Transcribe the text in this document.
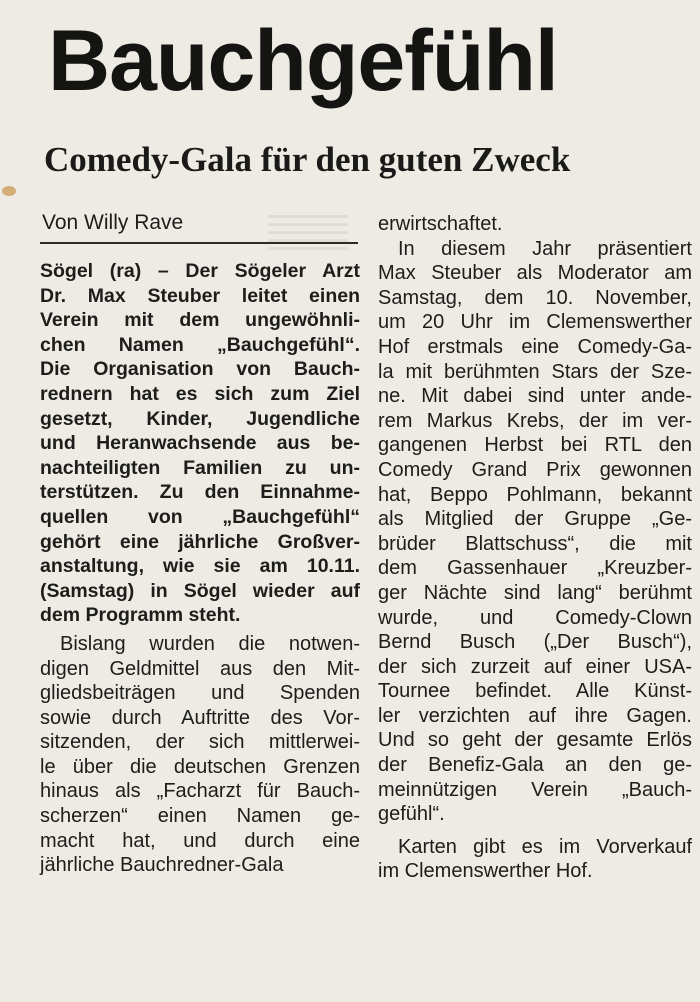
Bauchgefühl
Comedy-Gala für den guten Zweck
Von Willy Rave

Sögel (ra) – Der Sögeler Arzt
Dr. Max Steuber leitet einen
Verein mit dem ungewöhnli-
chen Namen „Bauchgefühl“.
Die Organisation von Bauch-
rednern hat es sich zum Ziel
gesetzt, Kinder, Jugendliche
und Heranwachsende aus be-
nachteiligten Familien zu un-
terstützen. Zu den Einnahme-
quellen von „Bauchgefühl“
gehört eine jährliche Großver-
anstaltung, wie sie am 10.11.
(Samstag) in Sögel wieder auf
dem Programm steht.

Bislang wurden die notwen-
digen Geldmittel aus den Mit-
gliedsbeiträgen und Spenden
sowie durch Auftritte des Vor-
sitzenden, der sich mittlerwei-
le über die deutschen Grenzen
hinaus als „Facharzt für Bauch-
scherzen“ einen Namen ge-
macht hat, und durch eine
jährliche Bauchredner-Gala

erwirtschaftet.

In diesem Jahr präsentiert
Max Steuber als Moderator am
Samstag, dem 10. November,
um 20 Uhr im Clemenswerther
Hof erstmals eine Comedy-Ga-
la mit berühmten Stars der Sze-
ne. Mit dabei sind unter ande-
rem Markus Krebs, der im ver-
gangenen Herbst bei RTL den
Comedy Grand Prix gewonnen
hat, Beppo Pohlmann, bekannt
als Mitglied der Gruppe „Ge-
brüder Blattschuss“, die mit
dem Gassenhauer „Kreuzber-
ger Nächte sind lang“ berühmt
wurde, und Comedy-Clown
Bernd Busch („Der Busch“),
der sich zurzeit auf einer USA-
Tournee befindet. Alle Künst-
ler verzichten auf ihre Gagen.
Und so geht der gesamte Erlös
der Benefiz-Gala an den ge-
meinnützigen Verein „Bauch-
gefühl“.

Karten gibt es im Vorverkauf
im Clemenswerther Hof.
